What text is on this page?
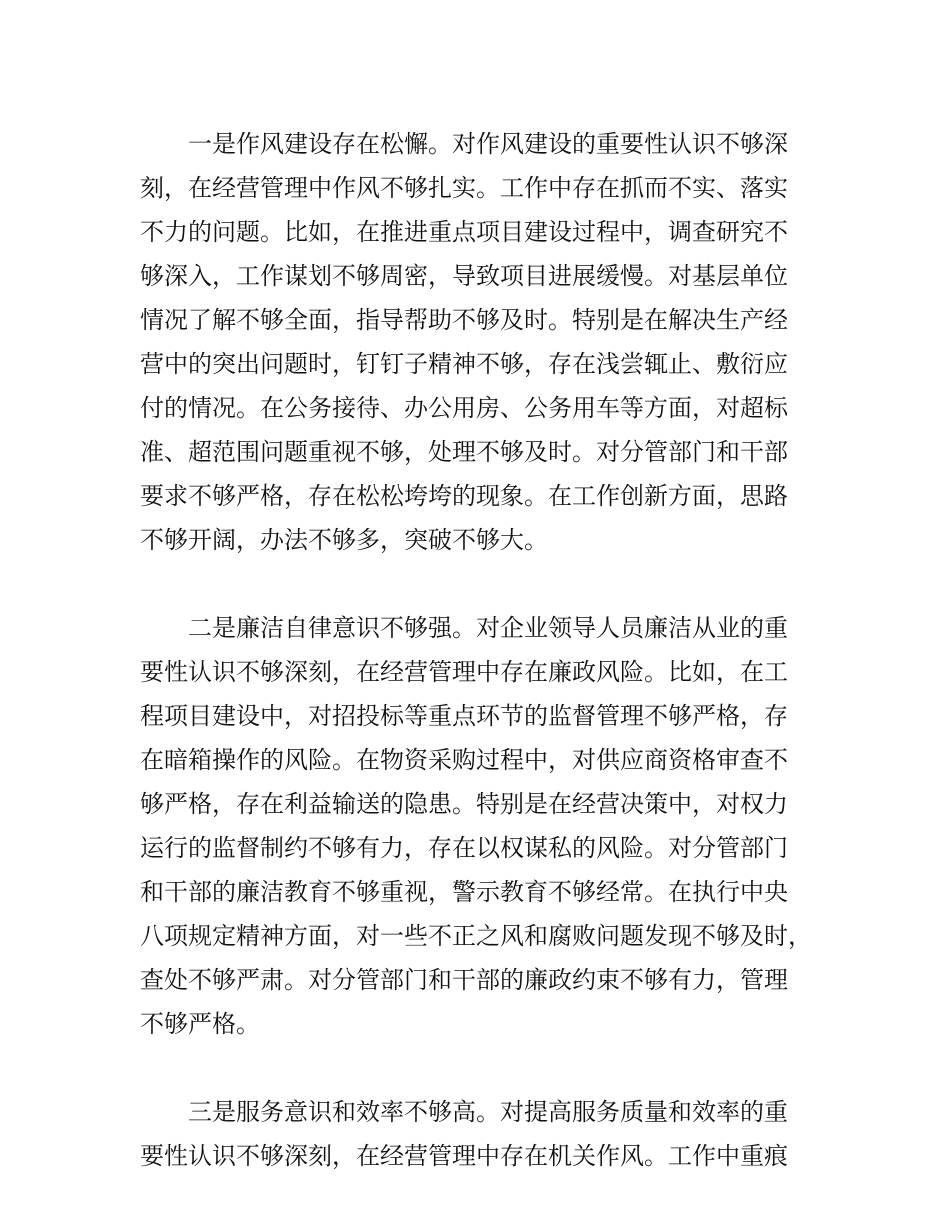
一是作风建设存在松懈。对作风建设的重要性认识不够深
刻，在经营管理中作风不够扎实。工作中存在抓而不实、落实
不力的问题。比如，在推进重点项目建设过程中，调查研究不
够深入，工作谋划不够周密，导致项目进展缓慢。对基层单位
情况了解不够全面，指导帮助不够及时。特别是在解决生产经
营中的突出问题时，钉钉子精神不够，存在浅尝辄止、敷衍应
付的情况。在公务接待、办公用房、公务用车等方面，对超标
准、超范围问题重视不够，处理不够及时。对分管部门和干部
要求不够严格，存在松松垮垮的现象。在工作创新方面，思路
不够开阔，办法不够多，突破不够大。
二是廉洁自律意识不够强。对企业领导人员廉洁从业的重
要性认识不够深刻，在经营管理中存在廉政风险。比如，在工
程项目建设中，对招投标等重点环节的监督管理不够严格，存
在暗箱操作的风险。在物资采购过程中，对供应商资格审查不
够严格，存在利益输送的隐患。特别是在经营决策中，对权力
运行的监督制约不够有力，存在以权谋私的风险。对分管部门
和干部的廉洁教育不够重视，警示教育不够经常。在执行中央
八项规定精神方面，对一些不正之风和腐败问题发现不够及时，
查处不够严肃。对分管部门和干部的廉政约束不够有力，管理
不够严格。
三是服务意识和效率不够高。对提高服务质量和效率的重
要性认识不够深刻，在经营管理中存在机关作风。工作中重痕
